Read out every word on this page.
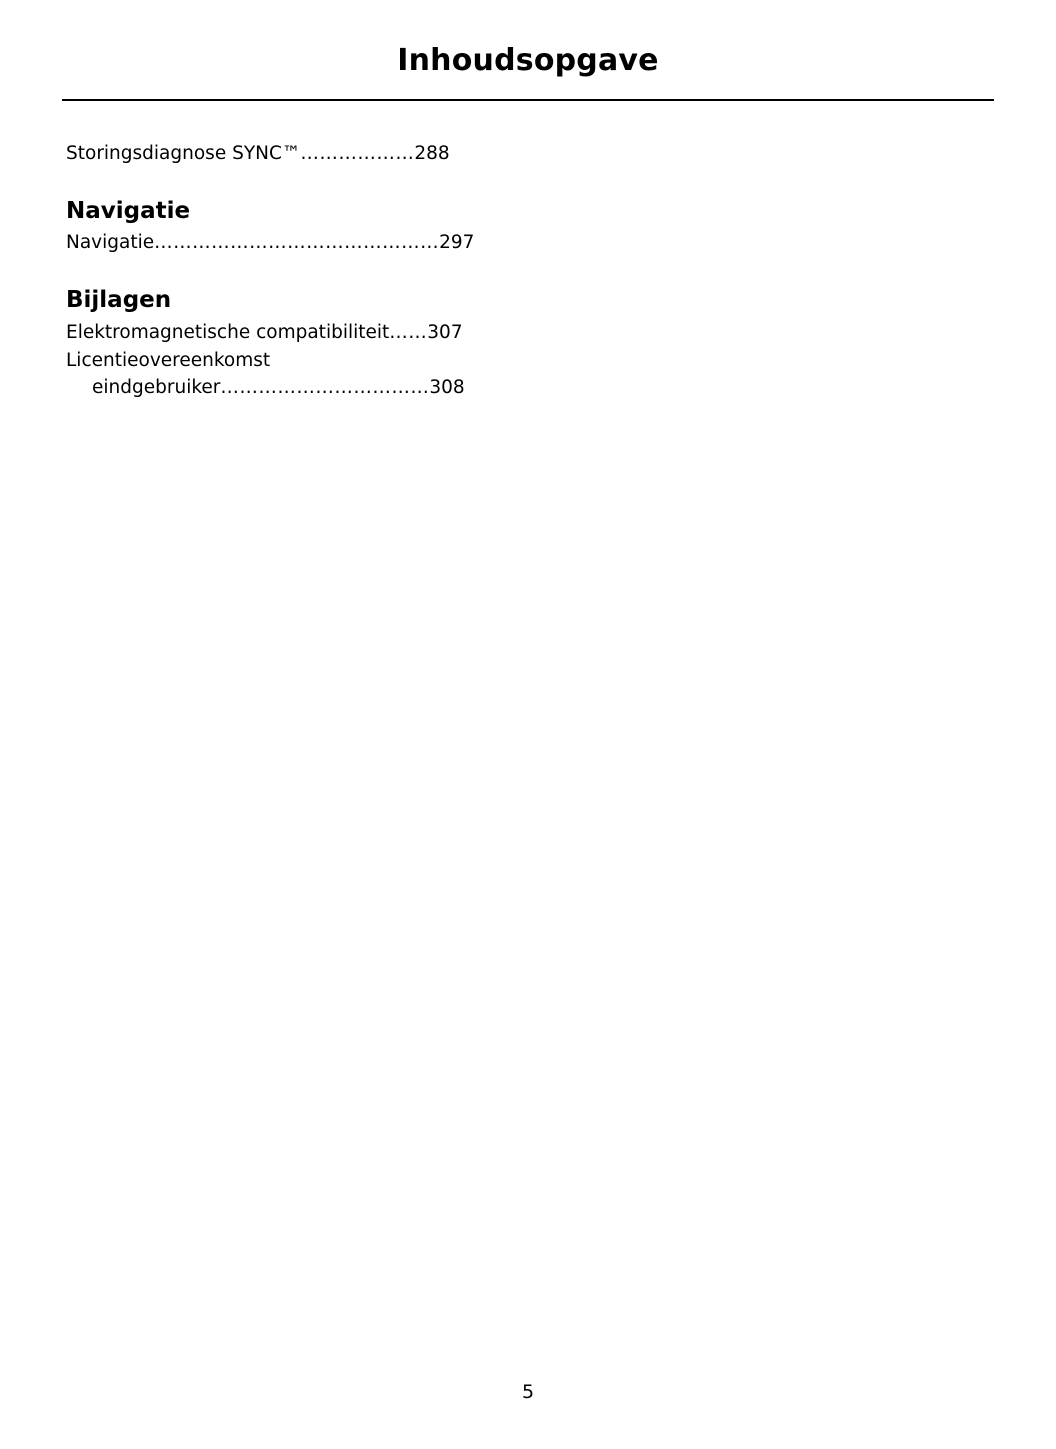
Inhoudsopgave
Storingsdiagnose SYNC™………………288
Navigatie
Navigatie………………………………………297
Bijlagen
Elektromagnetische compatibiliteit……307
Licentieovereenkomst
eindgebruiker……………………………308
5
